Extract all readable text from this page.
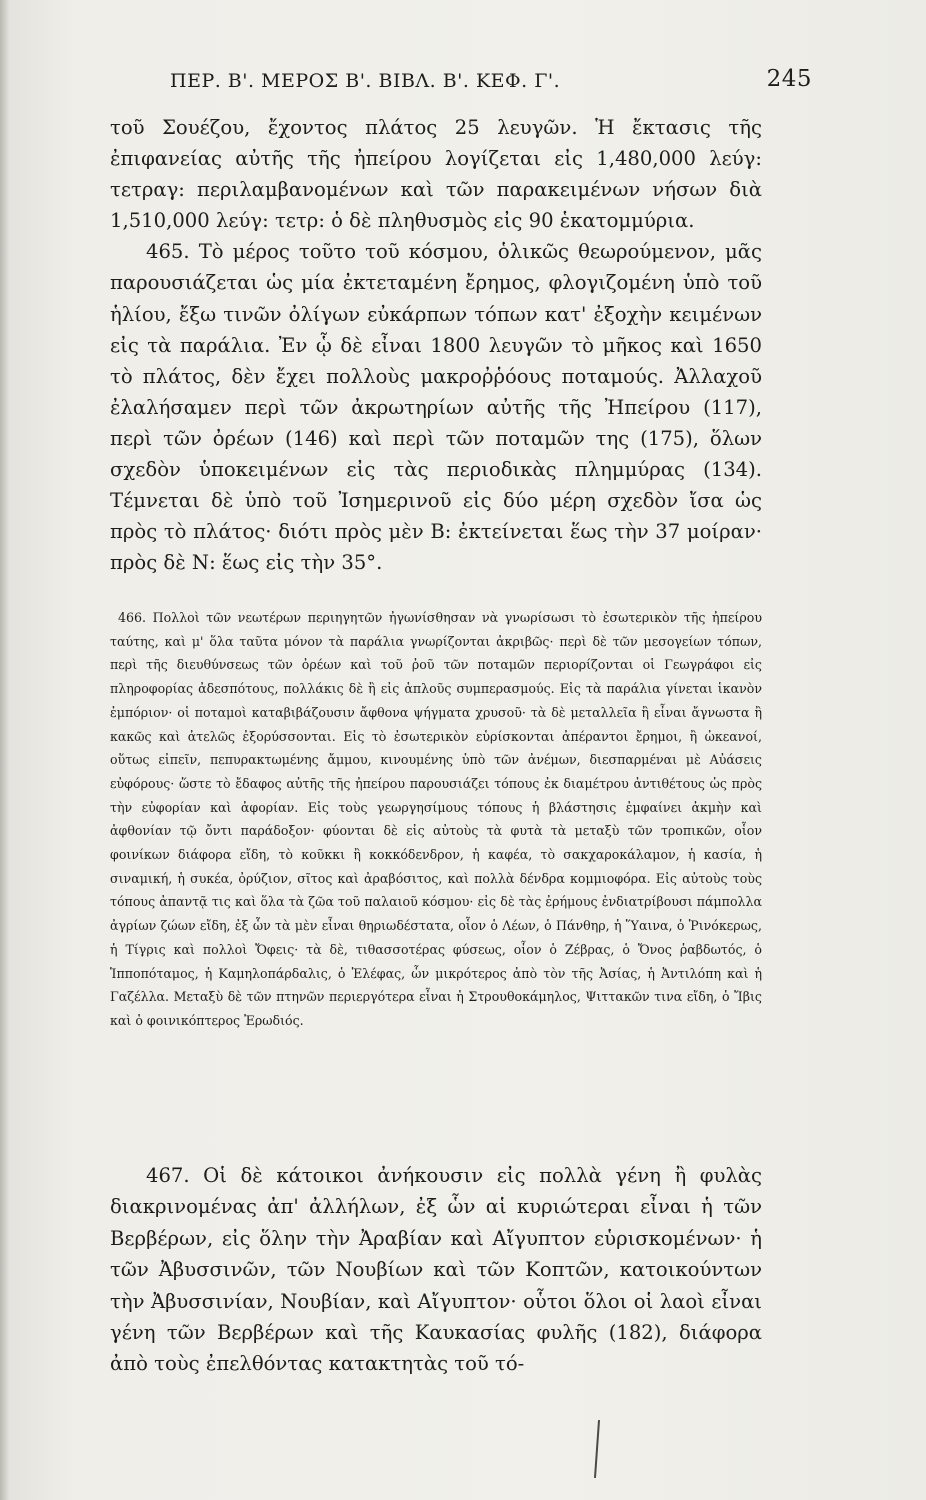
ΠΕΡ. Β'. ΜΕΡΟΣ Β'. ΒΙΒΛ. Β'. ΚΕΦ. Γ'.	245

τοῦ Σουέζου, ἔχοντος πλάτος 25 λευγῶν. Ἡ ἔκτασις τῆς ἐπιφανείας αὐτῆς τῆς ἠπείρου λογίζεται εἰς 1,480,000 λεύγ: τετραγ: περιλαμβανομένων καὶ τῶν παρακειμένων νήσων διὰ 1,510,000 λεύγ: τετρ: ὁ δὲ πληθυσμὸς εἰς 90 ἑκατομμύρια.

465. Τὸ μέρος τοῦτο τοῦ κόσμου, ὁλικῶς θεωρούμενον, μᾶς παρουσιάζεται ὡς μία ἐκτεταμένη ἔρημος, φλογιζομένη ὑπὸ τοῦ ἡλίου, ἔξω τινῶν ὀλίγων εὐκάρπων τόπων κατ' ἐξοχὴν κειμένων εἰς τὰ παράλια. Ἐν ᾧ δὲ εἶναι 1800 λευγῶν τὸ μῆκος καὶ 1650 τὸ πλάτος, δὲν ἔχει πολλοὺς μακροῤῥόους ποταμούς. Ἀλλαχοῦ ἐλαλήσαμεν περὶ τῶν ἀκρωτηρίων αὐτῆς τῆς Ἠπείρου (117), περὶ τῶν ὀρέων (146) καὶ περὶ τῶν ποταμῶν της (175), ὅλων σχεδὸν ὑποκειμένων εἰς τὰς περιοδικὰς πλημμύρας (134). Τέμνεται δὲ ὑπὸ τοῦ Ἰσημερινοῦ εἰς δύο μέρη σχεδὸν ἴσα ὡς πρὸς τὸ πλάτος· διότι πρὸς μὲν Β: ἐκτείνεται ἕως τὴν 37 μοίραν· πρὸς δὲ Ν: ἕως εἰς τὴν 35°.

466. Πολλοὶ τῶν νεωτέρων περιηγητῶν ἠγωνίσθησαν νὰ γνωρίσωσι τὸ ἐσωτερικὸν τῆς ἠπείρου ταύτης, καὶ μ' ὅλα ταῦτα μόνον τὰ παράλια γνωρίζονται ἀκριβῶς· περὶ δὲ τῶν μεσογείων τόπων, περὶ τῆς διευθύνσεως τῶν ὀρέων καὶ τοῦ ῥοῦ τῶν ποταμῶν περιορίζονται οἱ Γεωγράφοι εἰς πληροφορίας ἀδεσπότους, πολλάκις δὲ ἢ εἰς ἁπλοῦς συμπερασμούς. Εἰς τὰ παράλια γίνεται ἱκανὸν ἐμπόριον· οἱ ποταμοὶ καταβιβάζουσιν ἄφθονα ψήγματα χρυσοῦ· τὰ δὲ μεταλλεῖα ἢ εἶναι ἄγνωστα ἢ κακῶς καὶ ἀτελῶς ἐξορύσσονται. Εἰς τὸ ἐσωτερικὸν εὑρίσκονται ἀπέραντοι ἔρημοι, ἢ ὠκεανοί, οὕτως εἰπεῖν, πεπυρακτωμένης ἄμμου, κινουμένης ὑπὸ τῶν ἀνέμων, διεσπαρμέναι μὲ Αὐάσεις εὐφόρους· ὥστε τὸ ἔδαφος αὐτῆς τῆς ἠπείρου παρουσιάζει τόπους ἐκ διαμέτρου ἀντιθέτους ὡς πρὸς τὴν εὐφορίαν καὶ ἀφορίαν. Εἰς τοὺς γεωργησίμους τόπους ἡ βλάστησις ἐμφαίνει ἀκμὴν καὶ ἀφθονίαν τῷ ὄντι παράδοξον· φύονται δὲ εἰς αὐτοὺς τὰ φυτὰ τὰ μεταξὺ τῶν τροπικῶν, οἷον φοινίκων διάφορα εἴδη, τὸ κοῦκκι ἢ κοκκόδενδρον, ἡ καφέα, τὸ σακχαροκάλαμον, ἡ κασία, ἡ σιναμική, ἡ συκέα, ὀρύζιον, σῖτος καὶ ἀραβόσιτος, καὶ πολλὰ δένδρα κομμιοφόρα. Εἰς αὐτοὺς τοὺς τόπους ἀπαντᾷ τις καὶ ὅλα τὰ ζῶα τοῦ παλαιοῦ κόσμου· εἰς δὲ τὰς ἐρήμους ἐνδιατρίβουσι πάμπολλα ἀγρίων ζώων εἴδη, ἐξ ὧν τὰ μὲν εἶναι θηριωδέστατα, οἷον ὁ Λέων, ὁ Πάνθηρ, ἡ Ὕαινα, ὁ Ῥινόκερως, ἡ Τίγρις καὶ πολλοὶ Ὄφεις· τὰ δὲ, τιθασσοτέρας φύσεως, οἷον ὁ Ζέβρας, ὁ Ὄνος ῥαβδωτός, ὁ Ἱπποπόταμος, ἡ Καμηλοπάρδαλις, ὁ Ἐλέφας, ὧν μικρότερος ἀπὸ τὸν τῆς Ἀσίας, ἡ Ἀντιλόπη καὶ ἡ Γαζέλλα. Μεταξὺ δὲ τῶν πτηνῶν περιεργότερα εἶναι ἡ Στρουθοκάμηλος, Ψιττακῶν τινα εἴδη, ὁ Ἴβις καὶ ὁ φοινικόπτερος Ἐρωδιός.

467. Οἱ δὲ κάτοικοι ἀνήκουσιν εἰς πολλὰ γένη ἢ φυλὰς διακρινομένας ἀπ' ἀλλήλων, ἐξ ὧν αἱ κυριώτεραι εἶναι ἡ τῶν Βερβέρων, εἰς ὅλην τὴν Ἀραβίαν καὶ Αἴγυπτον εὑρισκομένων· ἡ τῶν Ἀβυσσινῶν, τῶν Νουβίων καὶ τῶν Κοπτῶν, κατοικούντων τὴν Ἀβυσσινίαν, Νουβίαν, καὶ Αἴγυπτον· οὗτοι ὅλοι οἱ λαοὶ εἶναι γένη τῶν Βερβέρων καὶ τῆς Καυκασίας φυλῆς (182), διάφορα ἀπὸ τοὺς ἐπελθόντας κατακτητὰς τοῦ τό-
